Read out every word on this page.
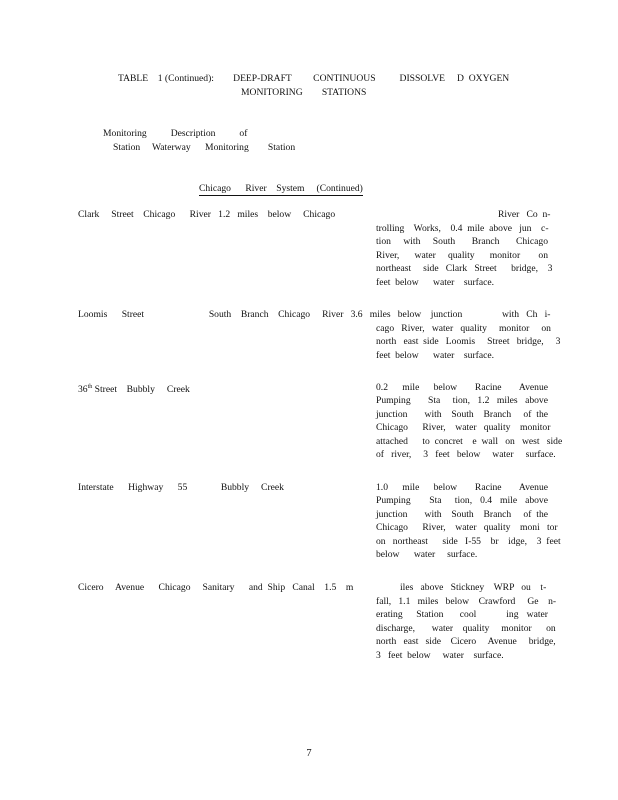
TABLE    1 (Continued):        DEEP-DRAFT         CONTINUOUS          DISSOLVE     D  OXYGEN
MONITORING        STATIONS
Monitoring          Description          of
Station     Waterway      Monitoring        Station
Chicago      River    System     (Continued)
Clark     Street    Chicago      River   1.2   miles    below     Chicago	River   Co  n-
trolling    Works,    0.4  mile  above   jun    c-
tion   with   South    Branch    Chicago
River,     water    quality     monitor      on
northeast     side   Clark   Street      bridge,    3
feet  below      water    surface.
Loomis      Street                           South    Branch    Chicago     River   3.6   miles   below    junction	with   Ch   i-
cago   River,   water   quality     monitor     on
north   east  side   Loomis     Street   bridge,     3
feet  below      water    surface.
36th Street    Bubbly     Creek	0.2    mile    below     Racine     Avenue
Pumping       Sta     tion,   1.2   miles   above
junction       with    South    Branch     of  the
Chicago      River,    water   quality    monitor
attached      to  concret    e  wall   on   west   side
of   river,     3   feet   below     water     surface.
Interstate      Highway      55              Bubbly     Creek	1.0    mile    below     Racine     Avenue
Pumping       Sta     tion,   0.4   mile   above
junction       with    South    Branch     of  the
Chicago      River,    water   quality    moni   tor
on   northeast      side   I-55    br    idge,    3  feet
below      water     surface.
Cicero     Avenue      Chicago     Sanitary      and  Ship   Canal    1.5    m	iles   above   Stickney    WRP   ou    t-
fall,   1.1   miles   below    Crawford     Ge    n-
erating     Station      cool           ing   water
discharge,       water    quality     monitor      on
north   east   side    Cicero     Avenue     bridge,
3   feet  below     water    surface.
7
